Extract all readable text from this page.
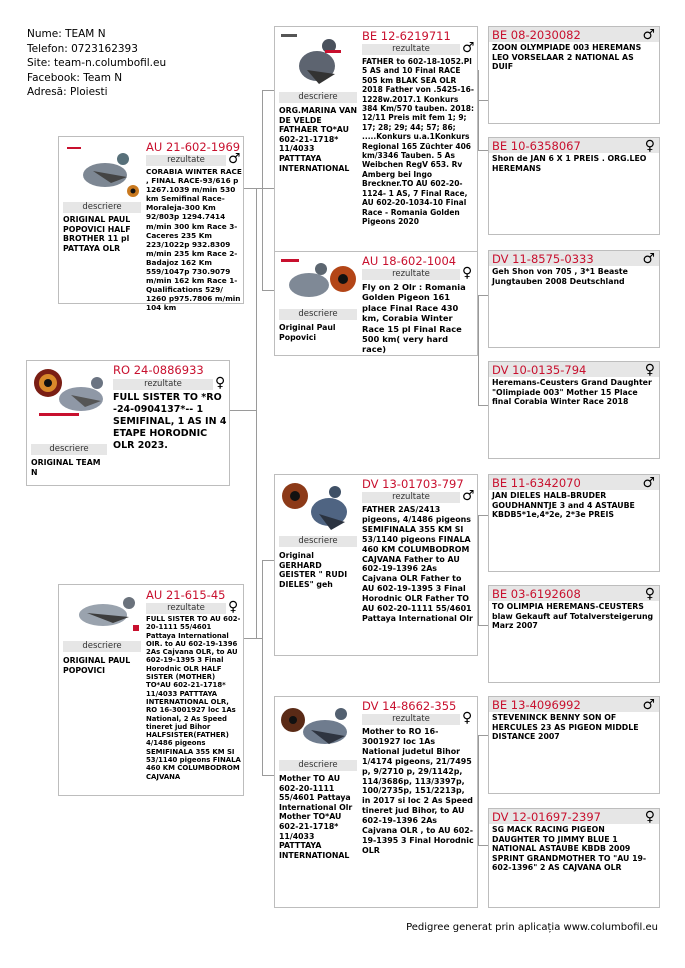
Nume: TEAM N
Telefon: 0723162393
Site: team-n.columbofil.eu
Facebook: Team N
Adresă: Ploiesti
descriere
ORIGINAL TEAM N
RO 24-0886933
rezultate	♀
FULL SISTER TO *RO -24-0904137*-- 1 SEMIFINAL, 1 AS IN 4 ETAPE HORODNIC OLR 2023.
descriere
ORIGINAL PAUL POPOVICI HALF BROTHER 11 pl PATTAYA OLR
AU 21-602-1969
rezultate	♂
CORABIA WINTER RACE , FINAL RACE-93/616 p 1267.1039 m/min 530 km Semifinal Race-Moraleja-300 Km 92/803p 1294.7414 m/min 300 km Race 3-Caceres 235 Km 223/1022p 932.8309 m/min 235 km Race 2-Badajoz 162 Km 559/1047p 730.9079 m/min 162 km Race 1-Qualifications 529/ 1260 p975.7806 m/min 104 km
descriere
ORIGINAL PAUL POPOVICI
AU 21-615-45
rezultate	♀
FULL SISTER TO AU 602-20-1111 55/4601 Pattaya International OIR. to AU 602-19-1396 2As Cajvana OLR, to AU 602-19-1395 3 Final Horodnic OLR HALF SISTER (MOTHER) TO*AU 602-21-1718* 11/4033 PATTTAYA INTERNATIONAL OLR, RO 16-3001927 loc 1As National, 2 As Speed tineret jud Bihor HALFSISTER(FATHER) 4/1486 pigeons SEMIFINALA 355 KM SI 53/1140 pigeons FINALA 460 KM COLUMBODROM CAJVANA
descriere
ORG.MARINA VAN DE VELDE FATHAER TO*AU 602-21-1718* 11/4033 PATTTAYA INTERNATIONAL
BE 12-6219711
rezultate	♂
FATHER to 602-18-1052.Pl 5 AS and 10 Final RACE 505 km BLAK SEA OLR 2018 Father von .5425-16-1228w.2017.1 Konkurs 384 Km/570 tauben. 2018: 12/11 Preis mit fem 1; 9; 17; 28; 29; 44; 57; 86; .....Konkurs u.a.1Konkurs Regional 165 Züchter 406 km/3346 Tauben. 5 As Weibchen RegV 653. Rv Amberg bei Ingo Breckner.TO AU 602-20-1124- 1 AS, 7 Final Race, AU 602-20-1034-10 Final Race - Romania Golden Pigeons 2020
descriere
Original Paul Popovici
AU 18-602-1004
rezultate	♀
Fly on 2 Olr : Romania Golden Pigeon 161 place Final Race 430 km, Corabia Winter Race 15 pl Final Race 500 km( very hard race)
descriere
Original GERHARD GEISTER " RUDI DIELES" geh
DV 13-01703-797
rezultate	♂
FATHER 2AS/2413 pigeons, 4/1486 pigeons SEMIFINALA 355 KM SI 53/1140 pigeons FINALA 460 KM COLUMBODROM CAJVANA Father to AU 602-19-1396 2As Cajvana OLR Father to AU 602-19-1395 3 Final Horodnic OLR Father TO AU 602-20-1111 55/4601 Pattaya International Olr
descriere
Mother TO AU 602-20-1111 55/4601 Pattaya International Olr Mother TO*AU 602-21-1718* 11/4033 PATTTAYA INTERNATIONAL
DV 14-8662-355
rezultate	♀
Mother to RO 16-3001927 loc 1As National judetul Bihor 1/4174 pigeons, 21/7495 p, 9/2710 p, 29/1142p, 114/3686p, 113/3397p, 100/2735p, 151/2213p, in 2017 si loc 2 As Speed tineret jud Bihor, to AU 602-19-1396 2As Cajvana OLR , to AU 602-19-1395 3 Final Horodnic OLR
BE 08-2030082	♂
ZOON OLYMPIADE 003 HEREMANS LEO VORSELAAR 2 NATIONAL AS DUIF
BE 10-6358067	♀
Shon de JAN 6 X 1 PREIS . ORG.LEO HEREMANS
DV 11-8575-0333	♂
Geh Shon von 705 , 3*1 Beaste Jungtauben 2008 Deutschland
DV 10-0135-794	♀
Heremans-Ceusters Grand Daughter "Olimpiade 003" Mother 15 Place final Corabia Winter Race 2018
BE 11-6342070	♂
JAN DIELES HALB-BRUDER GOUDHANNTJE 3 and 4 ASTAUBE KBDB5*1e,4*2e, 2*3e PREIS
BE 03-6192608	♀
TO OLIMPIA HEREMANS-CEUSTERS blaw Gekauft auf Totalversteigerung Marz 2007
BE 13-4096992	♂
STEVENINCK BENNY SON OF HERCULES 23 AS PIGEON MIDDLE DISTANCE 2007
DV 12-01697-2397	♀
SG MACK RACING PIGEON DAUGHTER TO JIMMY BLUE 1 NATIONAL ASTAUBE KBDB 2009 SPRINT GRANDMOTHER TO "AU 19-602-1396" 2 AS CAJVANA OLR
Pedigree generat prin aplicația www.columbofil.eu
